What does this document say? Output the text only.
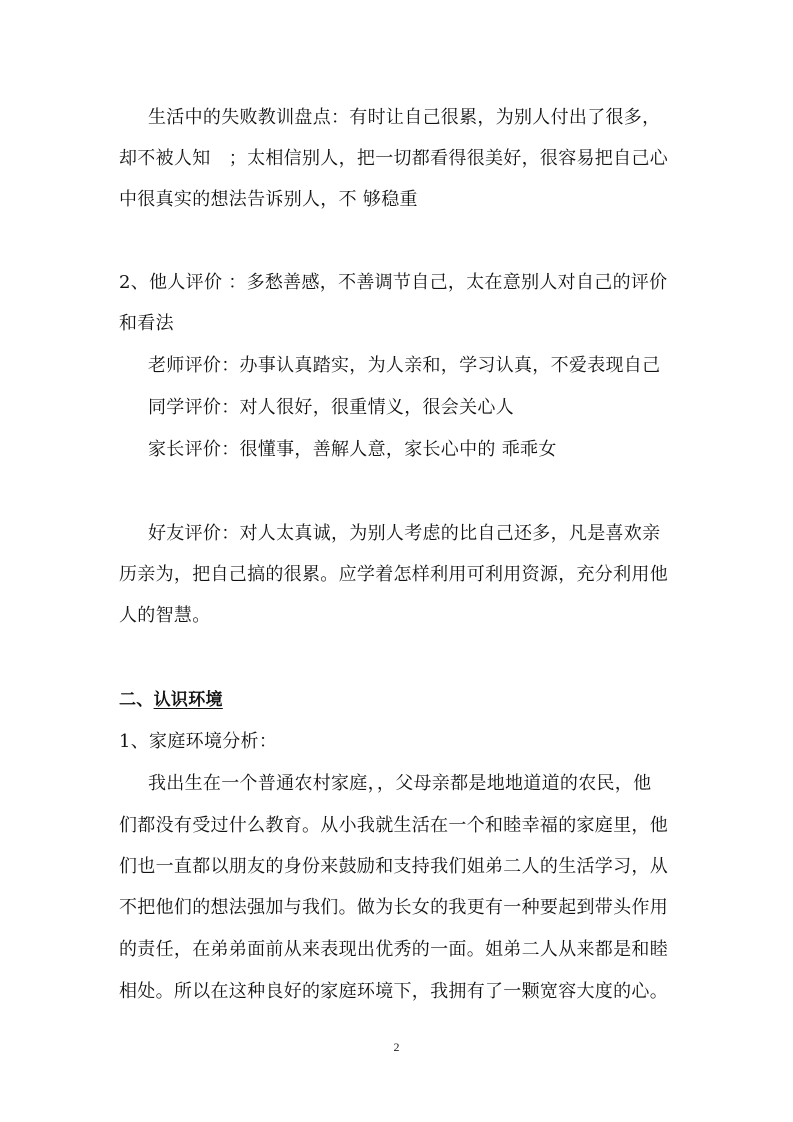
生活中的失败教训盘点：有时让自己很累，为别人付出了很多，
却不被人知　；太相信别人，把一切都看得很美好，很容易把自己心
中很真实的想法告诉别人，不 够稳重
2、他人评价 ：多愁善感，不善调节自己，太在意别人对自己的评价
和看法
老师评价：办事认真踏实，为人亲和，学习认真，不爱表现自己
同学评价：对人很好，很重情义，很会关心人
家长评价：很懂事，善解人意，家长心中的 乖乖女
好友评价：对人太真诚，为别人考虑的比自己还多，凡是喜欢亲
历亲为，把自己搞的很累。应学着怎样利用可利用资源，充分利用他
人的智慧。
二、认识环境
1、家庭环境分析：
我出生在一个普通农村家庭，，父母亲都是地地道道的农民，他
们都没有受过什么教育。从小我就生活在一个和睦幸福的家庭里，他
们也一直都以朋友的身份来鼓励和支持我们姐弟二人的生活学习，从
不把他们的想法强加与我们。做为长女的我更有一种要起到带头作用
的责任，在弟弟面前从来表现出优秀的一面。姐弟二人从来都是和睦
相处。所以在这种良好的家庭环境下，我拥有了一颗宽容大度的心。
2
